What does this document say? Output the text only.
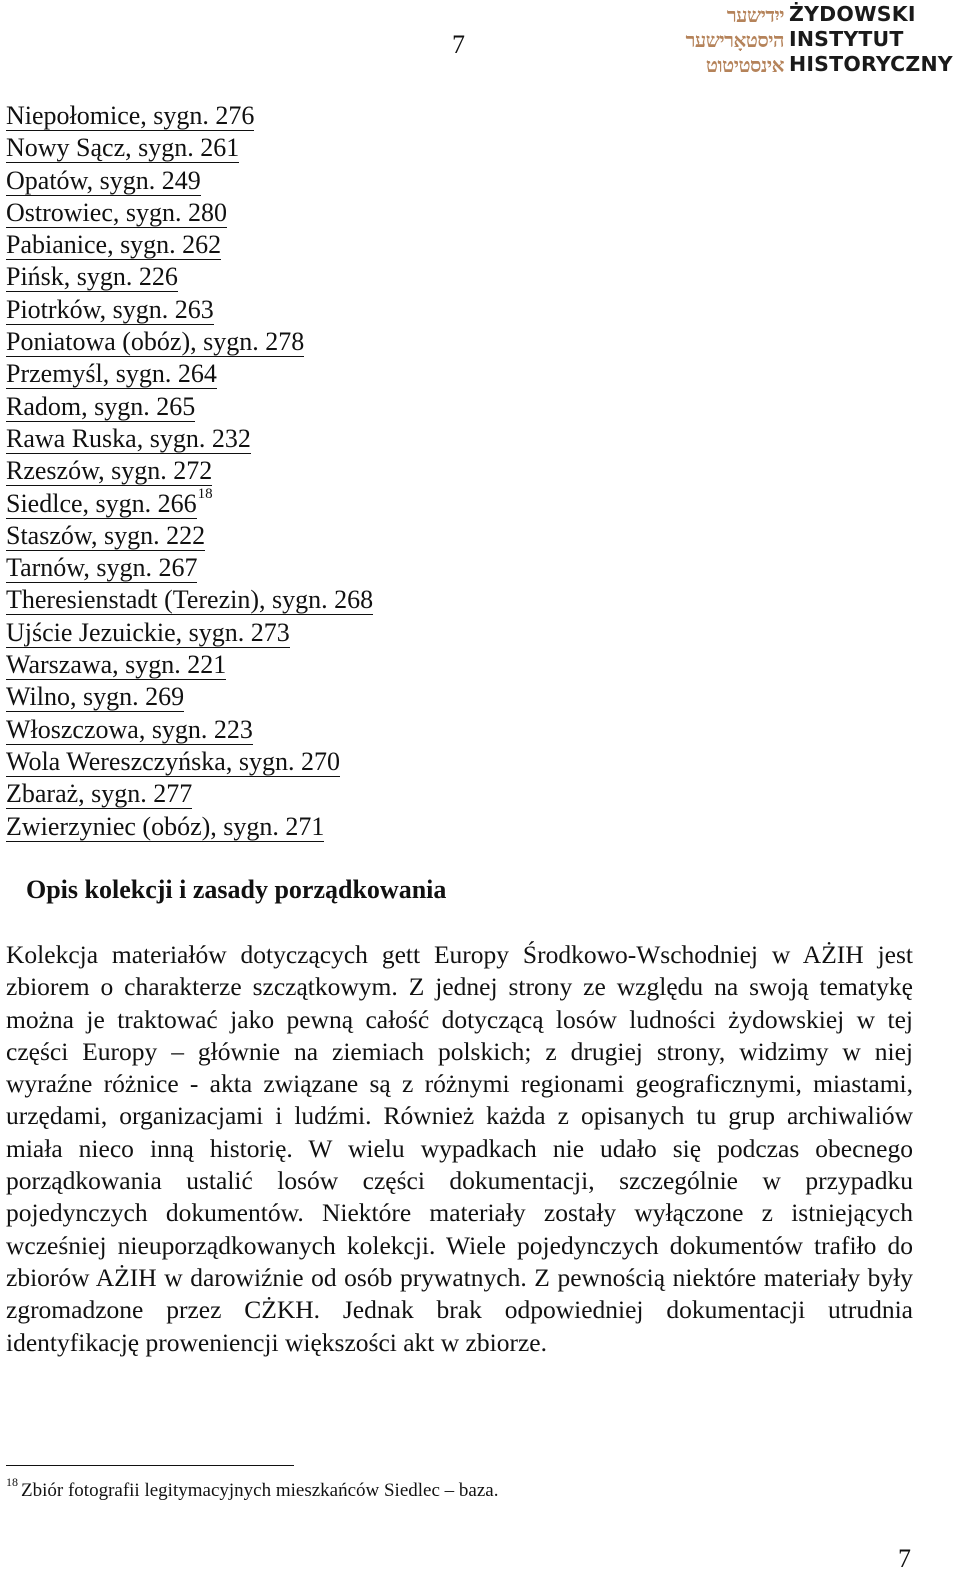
7
ייִדישער
היסטאָרישער
אינסטיטוט
ŻYDOWSKI
INSTYTUT
HISTORYCZNY
Niepołomice, sygn. 276
Nowy Sącz, sygn. 261
Opatów, sygn. 249
Ostrowiec, sygn. 280
Pabianice, sygn. 262
Pińsk, sygn. 226
Piotrków, sygn. 263
Poniatowa (obóz), sygn. 278
Przemyśl, sygn. 264
Radom, sygn. 265
Rawa Ruska, sygn. 232
Rzeszów, sygn. 272
Siedlce, sygn. $266^{18}$
Staszów, sygn. 222
Tarnów, sygn. 267
Theresienstadt (Terezin), sygn. 268
Ujście Jezuickie, sygn. 273
Warszawa, sygn. 221
Wilno, sygn. 269
Włoszczowa, sygn. 223
Wola Wereszczyńska, sygn. 270
Zbaraż, sygn. 277
Zwierzyniec (obóz), sygn. 271
Opis kolekcji i zasady porządkowania

Kolekcja materiałów dotyczących gett Europy Środkowo-Wschodniej w AŻIH jest zbiorem o charakterze szczątkowym. Z jednej strony ze względu na swoją tematykę można je traktować jako pewną całość dotyczącą losów ludności żydowskiej w tej części Europy – głównie na ziemiach polskich; z drugiej strony, widzimy w niej wyraźne różnice - akta związane są z różnymi regionami geograficznymi, miastami, urzędami, organizacjami i ludźmi. Również każda z opisanych tu grup archiwaliów miała nieco inną historię. W wielu wypadkach nie udało się podczas obecnego porządkowania ustalić losów części dokumentacji, szczególnie w przypadku pojedynczych dokumentów. Niektóre materiały zostały wyłączone z istniejących wcześniej nieuporządkowanych kolekcji. Wiele pojedynczych dokumentów trafiło do zbiorów AŻIH w darowiźnie od osób prywatnych. Z pewnością niektóre materiały były zgromadzone przez CŻKH. Jednak brak odpowiedniej dokumentacji utrudnia identyfikację proweniencji większości akt w zbiorze.

$^{18}$ Zbiór fotografii legitymacyjnych mieszkańców Siedlec – baza.

7
